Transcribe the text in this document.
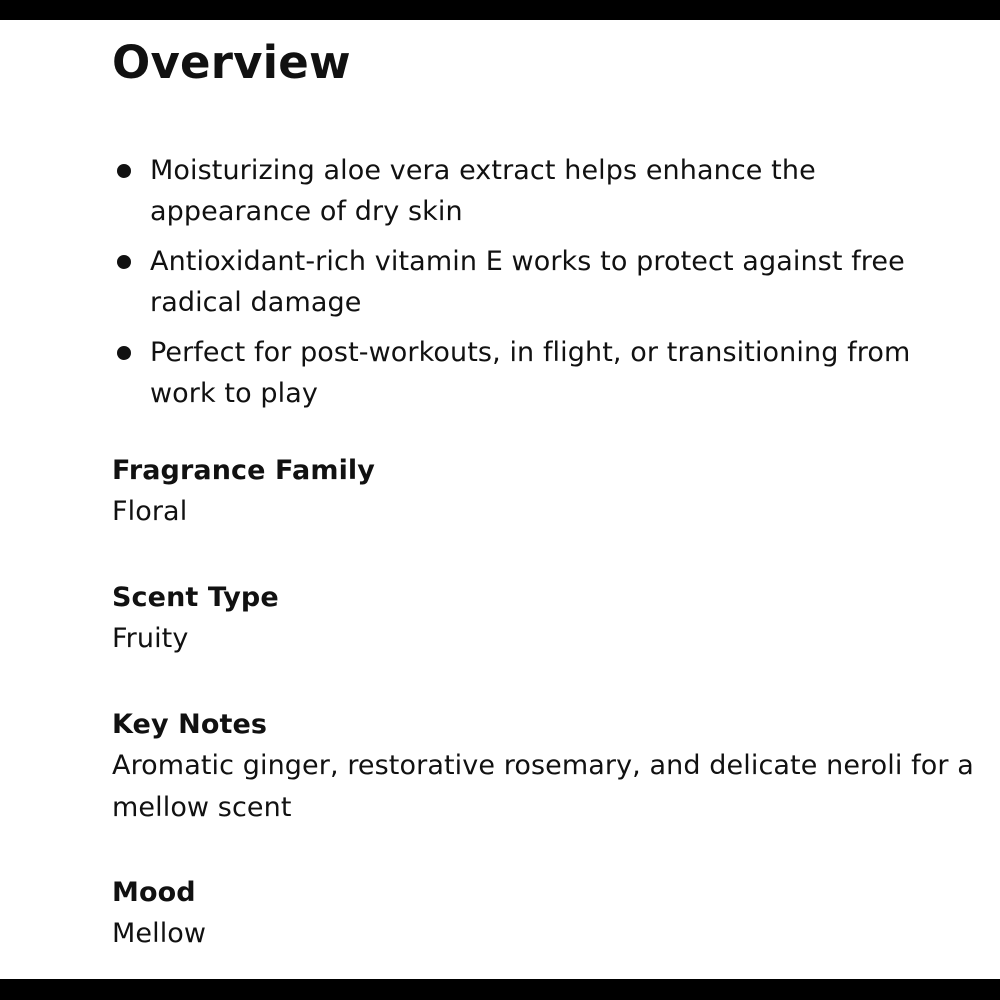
Overview
Moisturizing aloe vera extract helps enhance the appearance of dry skin
Antioxidant-rich vitamin E works to protect against free radical damage
Perfect for post-workouts, in flight, or transitioning from work to play
Fragrance Family
Floral
Scent Type
Fruity
Key Notes
Aromatic ginger, restorative rosemary, and delicate neroli for a mellow scent
Mood
Mellow
